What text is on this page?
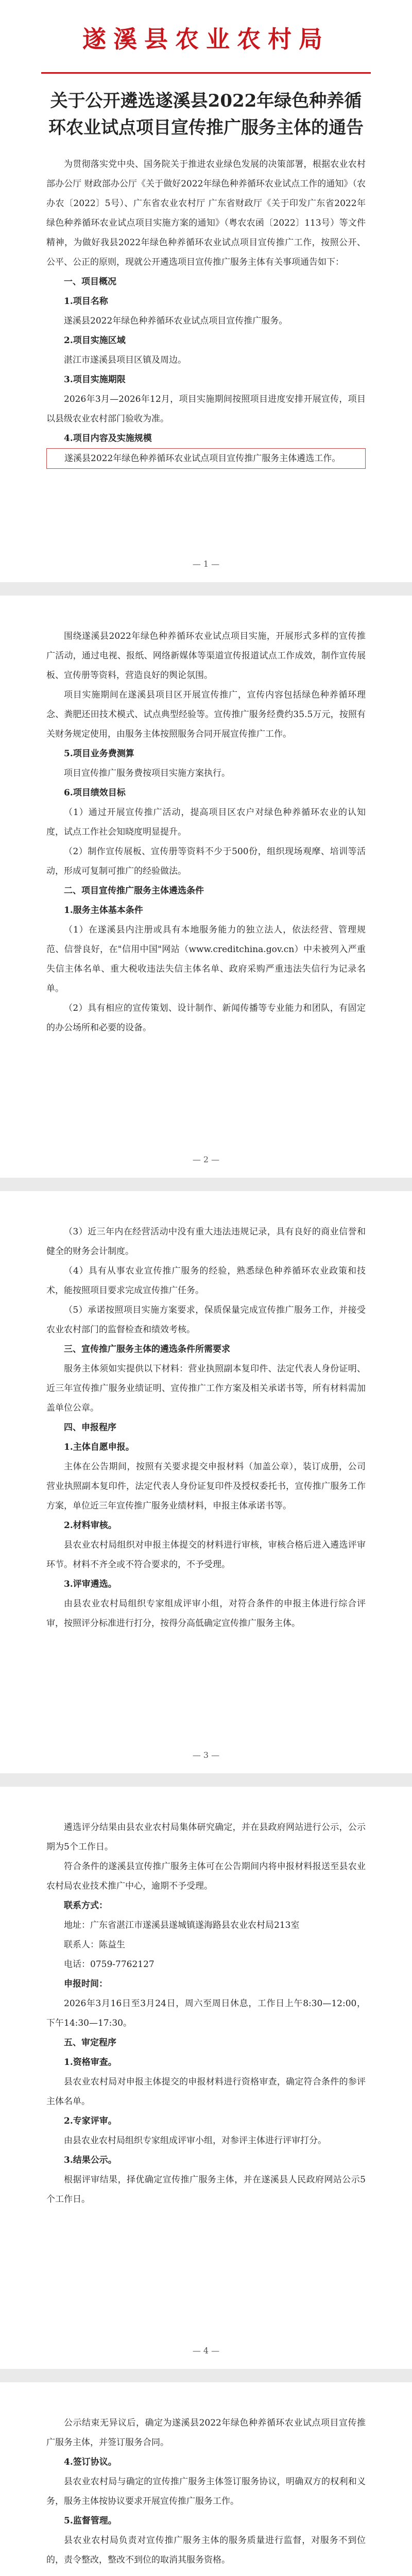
遂溪县农业农村局
关于公开遴选遂溪县2022年绿色种养循环农业试点项目宣传推广服务主体的通告

为贯彻落实党中央、国务院关于推进农业绿色发展的决策部署，根据农业农村部办公厅 财政部办公厅《关于做好2022年绿色种养循环农业试点工作的通知》（农办农〔2022〕5号）、广东省农业农村厅 广东省财政厅《关于印发广东省2022年绿色种养循环农业试点项目实施方案的通知》（粤农农函〔2022〕113号）等文件精神，为做好我县2022年绿色种养循环农业试点项目宣传推广工作，按照公开、公平、公正的原则，现就公开遴选项目宣传推广服务主体有关事项通告如下：

一、项目概况

1.项目名称

遂溪县2022年绿色种养循环农业试点项目宣传推广服务。

2.项目实施区域

湛江市遂溪县项目区镇及周边。

3.项目实施期限

2026年3月—2026年12月，项目实施期间按照项目进度安排开展宣传，项目以县级农业农村部门验收为准。

4.项目内容及实施规模

遂溪县2022年绿色种养循环农业试点项目宣传推广服务主体遴选工作。

— 1 —

围绕遂溪县2022年绿色种养循环农业试点项目实施，开展形式多样的宣传推广活动，通过电视、报纸、网络新媒体等渠道宣传报道试点工作成效，制作宣传展板、宣传册等资料，营造良好的舆论氛围。

项目实施期间在遂溪县项目区开展宣传推广，宣传内容包括绿色种养循环理念、粪肥还田技术模式、试点典型经验等。宣传推广服务经费约35.5万元，按照有关财务规定使用，由服务主体按照服务合同开展宣传推广工作。

5.项目业务费测算

项目宣传推广服务费按项目实施方案执行。

6.项目绩效目标

（1）通过开展宣传推广活动，提高项目区农户对绿色种养循环农业的认知度，试点工作社会知晓度明显提升。

（2）制作宣传展板、宣传册等资料不少于500份，组织现场观摩、培训等活动，形成可复制可推广的经验做法。

二、项目宣传推广服务主体遴选条件

1.服务主体基本条件

（1）在遂溪县内注册或具有本地服务能力的独立法人，依法经营、管理规范、信誉良好，在"信用中国"网站（www.creditchina.gov.cn）中未被列入严重失信主体名单、重大税收违法失信主体名单、政府采购严重违法失信行为记录名单。

（2）具有相应的宣传策划、设计制作、新闻传播等专业能力和团队，有固定的办公场所和必要的设备。

— 2 —

（3）近三年内在经营活动中没有重大违法违规记录，具有良好的商业信誉和健全的财务会计制度。

（4）具有从事农业宣传推广服务的经验，熟悉绿色种养循环农业政策和技术，能按照项目要求完成宣传推广任务。

（5）承诺按照项目实施方案要求，保质保量完成宣传推广服务工作，并接受农业农村部门的监督检查和绩效考核。

三、宣传推广服务主体的遴选条件所需要求

服务主体须如实提供以下材料：营业执照副本复印件、法定代表人身份证明、近三年宣传推广服务业绩证明、宣传推广工作方案及相关承诺书等，所有材料需加盖单位公章。

四、申报程序

1.主体自愿申报。

主体在公告期间，按照有关要求提交申报材料（加盖公章），装订成册，公司营业执照副本复印件，法定代表人身份证复印件及授权委托书，宣传推广服务工作方案，单位近三年宣传推广服务业绩材料，申报主体承诺书等。

2.材料审核。

县农业农村局组织对申报主体提交的材料进行审核，审核合格后进入遴选评审环节。材料不齐全或不符合要求的，不予受理。

3.评审遴选。

由县农业农村局组织专家组成评审小组，对符合条件的申报主体进行综合评审，按照评分标准进行打分，按得分高低确定宣传推广服务主体。

— 3 —

遴选评分结果由县农业农村局集体研究确定，并在县政府网站进行公示，公示期为5个工作日。

符合条件的遂溪县宣传推广服务主体可在公告期间内将申报材料报送至县农业农村局农业技术推广中心，逾期不予受理。

联系方式：

地址：广东省湛江市遂溪县遂城镇遂海路县农业农村局213室

联系人：陈益生

电话：0759-7762127

申报时间：

2026年3月16日至3月24日，周六至周日休息，工作日上午8:30—12:00，下午14:30—17:30。

五、审定程序

1.资格审查。

县农业农村局对申报主体提交的申报材料进行资格审查，确定符合条件的参评主体名单。

2.专家评审。

由县农业农村局组织专家组成评审小组，对参评主体进行评审打分。

3.结果公示。

根据评审结果，择优确定宣传推广服务主体，并在遂溪县人民政府网站公示5个工作日。

— 4 —

公示结束无异议后，确定为遂溪县2022年绿色种养循环农业试点项目宣传推广服务主体，并签订服务合同。

4.签订协议。

县农业农村局与确定的宣传推广服务主体签订服务协议，明确双方的权利和义务，服务主体按协议要求开展宣传推广服务工作。

5.监督管理。

县农业农村局负责对宣传推广服务主体的服务质量进行监督，对服务不到位的，责令整改，整改不到位的取消其服务资格。
